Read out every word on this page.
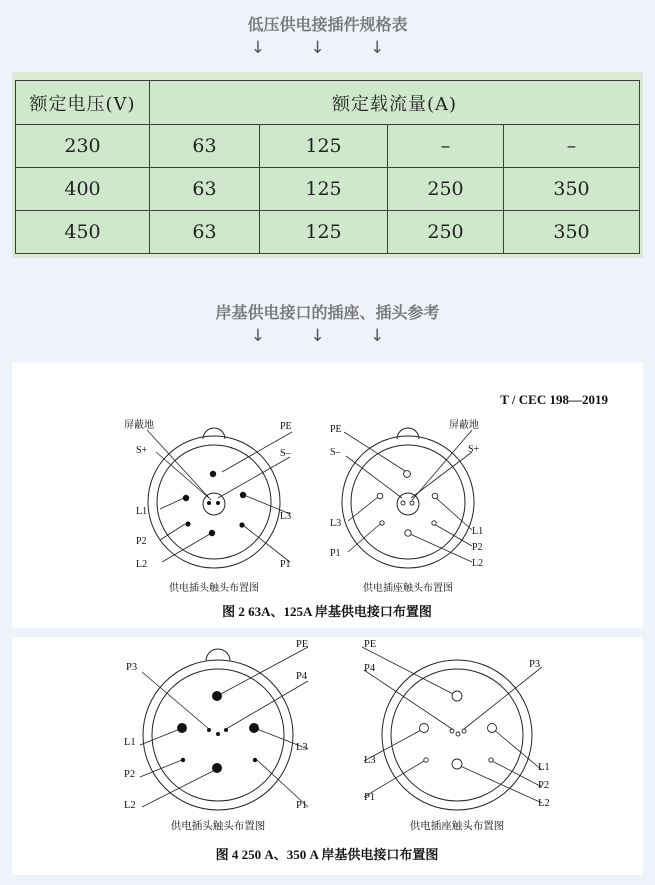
低压供电接插件规格表
↓ ↓ ↓
额定电压(V)	额定载流量(A)			
230	63	125	–	–
400	63	125	250	350
450	63	125	250	350
岸基供电接口的插座、插头参考
↓ ↓ ↓
T / CEC 198—2019
屏蔽地	PE
S+	S–
L1	L3
P2
L2	P1
供电插头触头布置图
PE	屏蔽地
S–	S+
L3
L1
P1
P2
L2
供电插座触头布置图
图 2 63A、125A 岸基供电接口布置图
PE
P3
P4
L1	L3
P2
L2	P1
供电插头触头布置图
PE
P4	P3
L3
L1
P2
P1
L2
供电插座触头布置图
图 4 250 A、350 A 岸基供电接口布置图
